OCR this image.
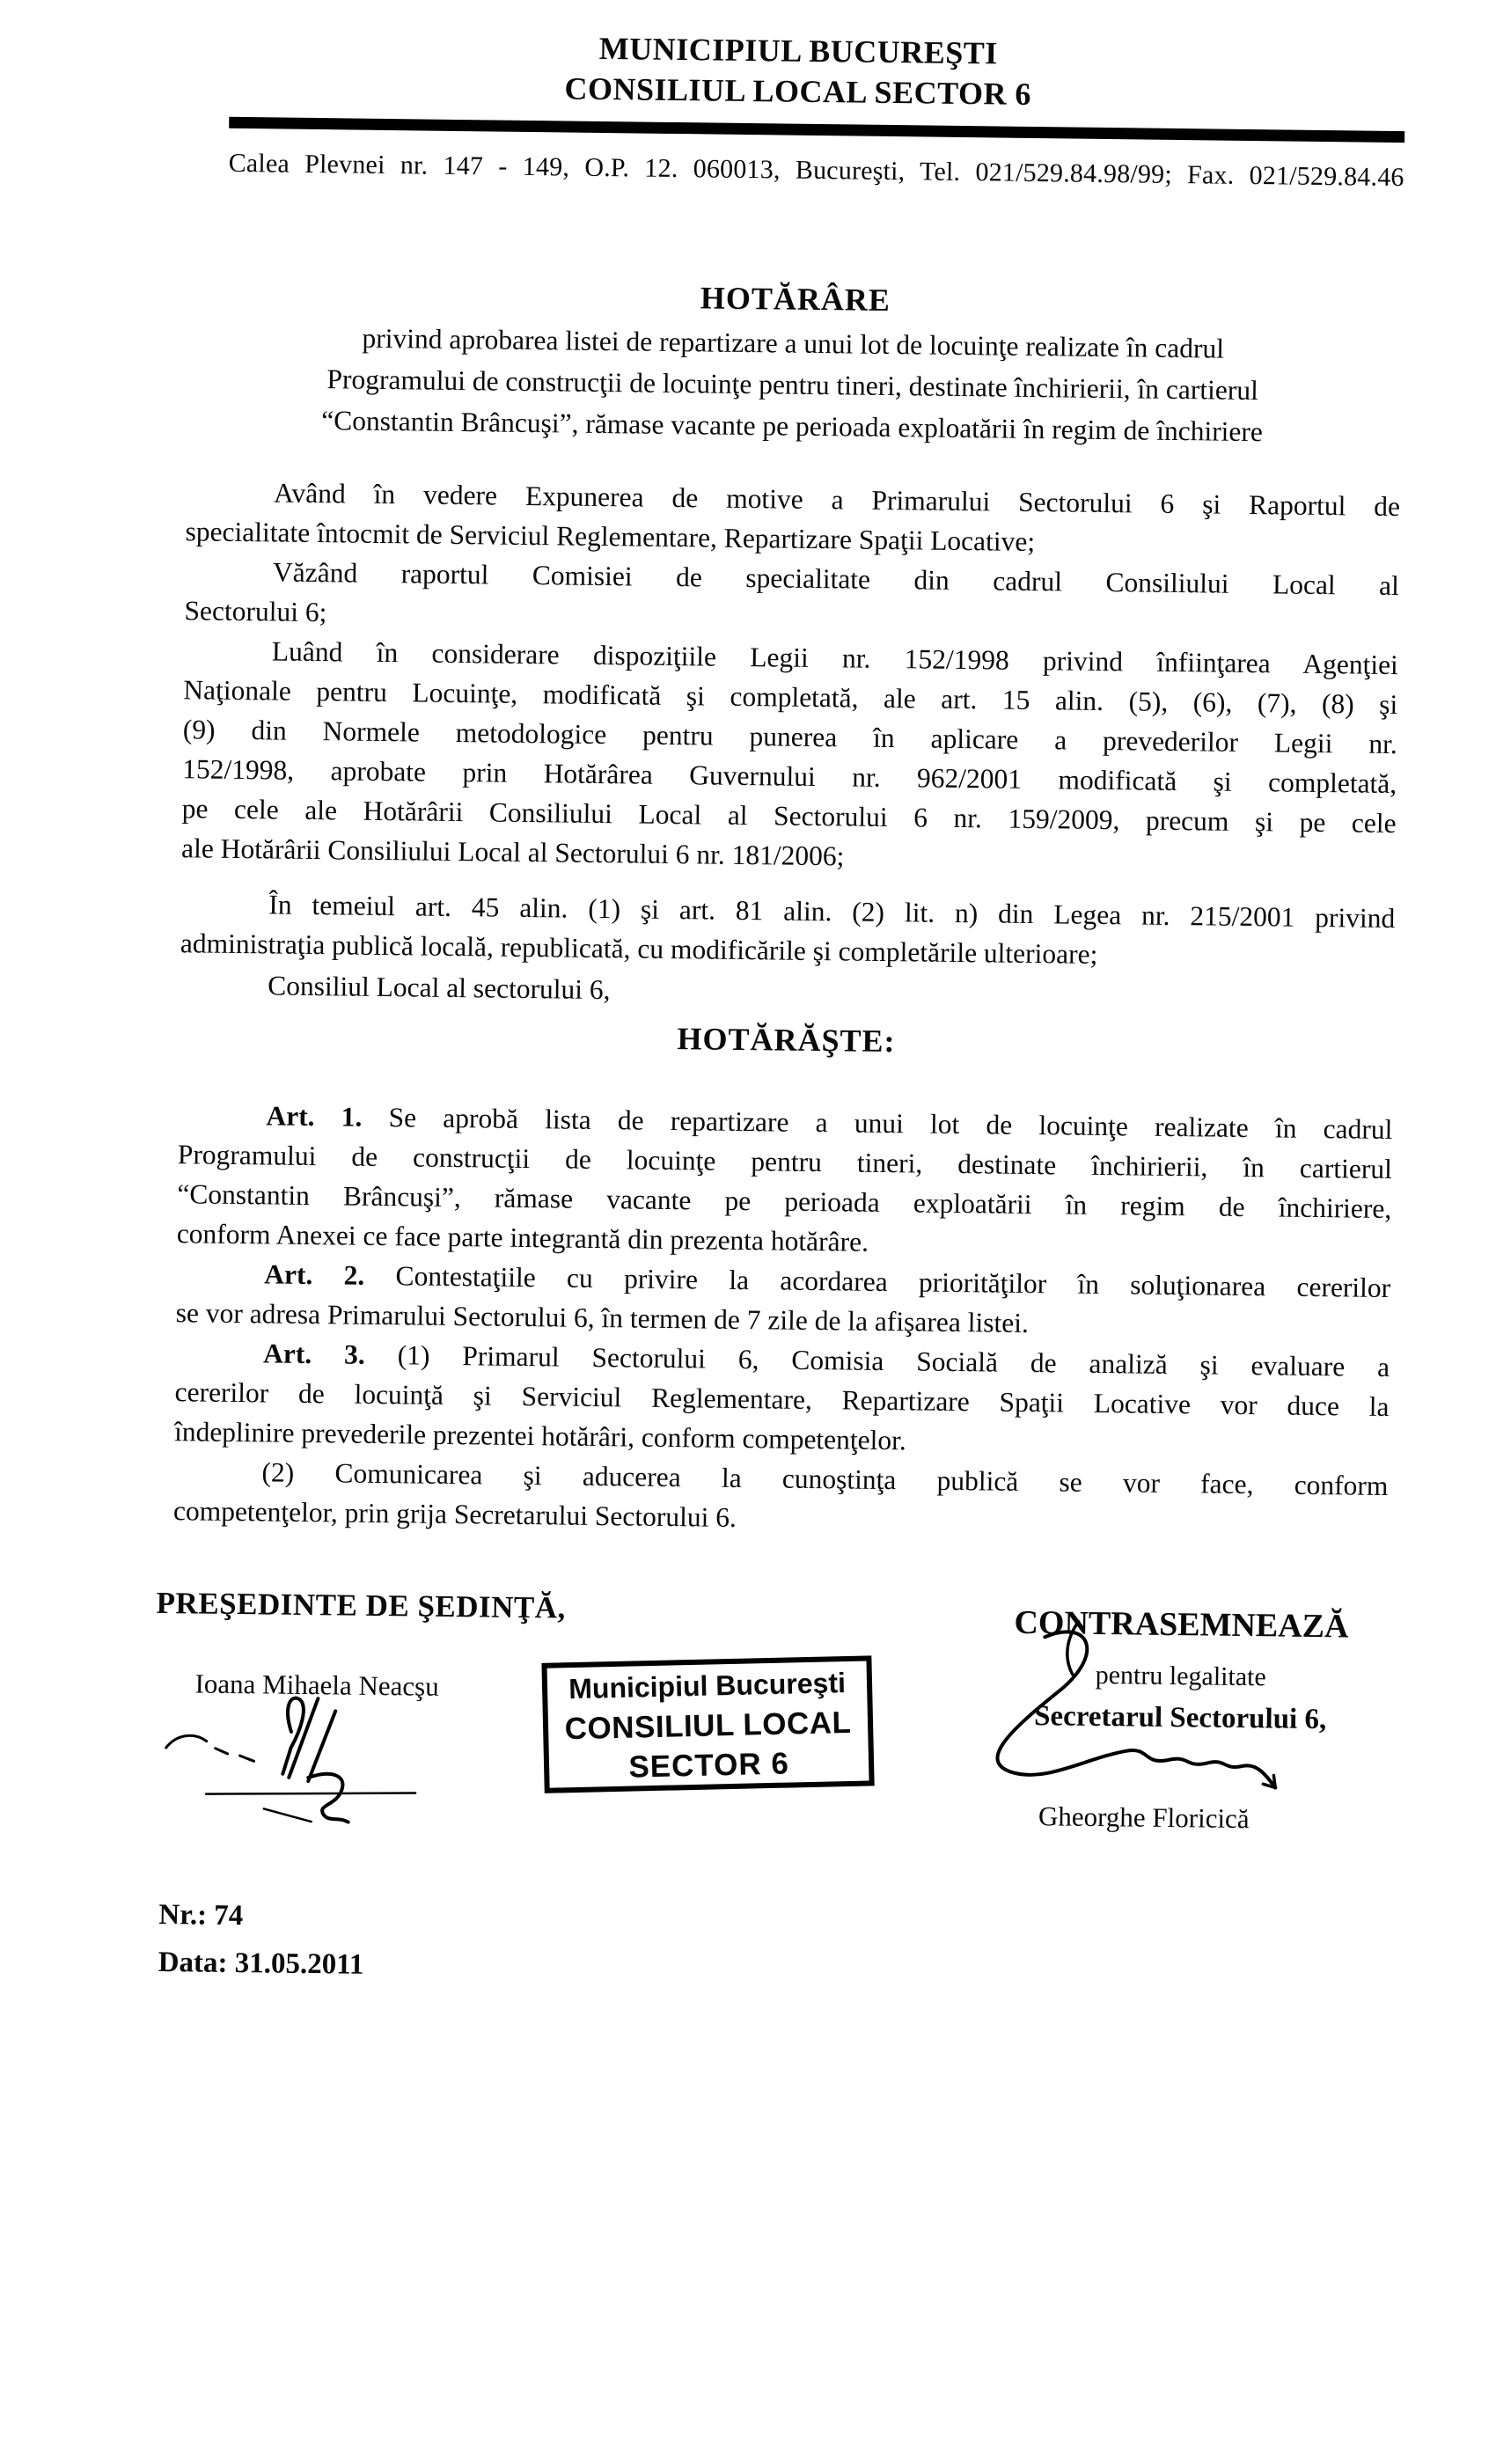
MUNICIPIUL BUCUREŞTI
CONSILIUL LOCAL SECTOR 6
Calea Plevnei nr. 147 - 149, O.P. 12. 060013, Bucureşti, Tel. 021/529.84.98/99; Fax. 021/529.84.46
HOTĂRÂRE
privind aprobarea listei de repartizare a unui lot de locuinţe realizate în cadrul
Programului de construcţii de locuinţe pentru tineri, destinate închirierii, în cartierul
“Constantin Brâncuşi”, rămase vacante pe perioada exploatării în regim de închiriere
Având în vedere Expunerea de motive a Primarului Sectorului 6 şi Raportul de
specialitate întocmit de Serviciul Reglementare, Repartizare Spaţii Locative;
Văzând raportul Comisiei de specialitate din cadrul Consiliului Local al
Sectorului 6;
Luând în considerare dispoziţiile Legii nr. 152/1998 privind înfiinţarea Agenţiei
Naţionale pentru Locuinţe, modificată şi completată, ale art. 15 alin. (5), (6), (7), (8) şi
(9) din Normele metodologice pentru punerea în aplicare a prevederilor Legii nr.
152/1998, aprobate prin Hotărârea Guvernului nr. 962/2001 modificată şi completată,
pe cele ale Hotărârii Consiliului Local al Sectorului 6 nr. 159/2009, precum şi pe cele
ale Hotărârii Consiliului Local al Sectorului 6 nr. 181/2006;
În temeiul art. 45 alin. (1) şi art. 81 alin. (2) lit. n) din Legea nr. 215/2001 privind
administraţia publică locală, republicată, cu modificările şi completările ulterioare;
Consiliul Local al sectorului 6,
HOTĂRĂŞTE:
Art. 1. Se aprobă lista de repartizare a unui lot de locuinţe realizate în cadrul
Programului de construcţii de locuinţe pentru tineri, destinate închirierii, în cartierul
“Constantin Brâncuşi”, rămase vacante pe perioada exploatării în regim de închiriere,
conform Anexei ce face parte integrantă din prezenta hotărâre.
Art. 2. Contestaţiile cu privire la acordarea priorităţilor în soluţionarea cererilor
se vor adresa Primarului Sectorului 6, în termen de 7 zile de la afişarea listei.
Art. 3. (1) Primarul Sectorului 6, Comisia Socială de analiză şi evaluare a
cererilor de locuinţă şi Serviciul Reglementare, Repartizare Spaţii Locative vor duce la
îndeplinire prevederile prezentei hotărâri, conform competenţelor.
(2) Comunicarea şi aducerea la cunoştinţa publică se vor face, conform
competenţelor, prin grija Secretarului Sectorului 6.
PREŞEDINTE DE ŞEDINŢĂ,
Ioana Mihaela Neacşu	Municipiul Bucureşti
CONSILIUL LOCAL
SECTOR 6
CONTRASEMNEAZĂ
pentru legalitate
Secretarul Sectorului 6,
Gheorghe Floricică
Nr.: 74
Data: 31.05.2011
